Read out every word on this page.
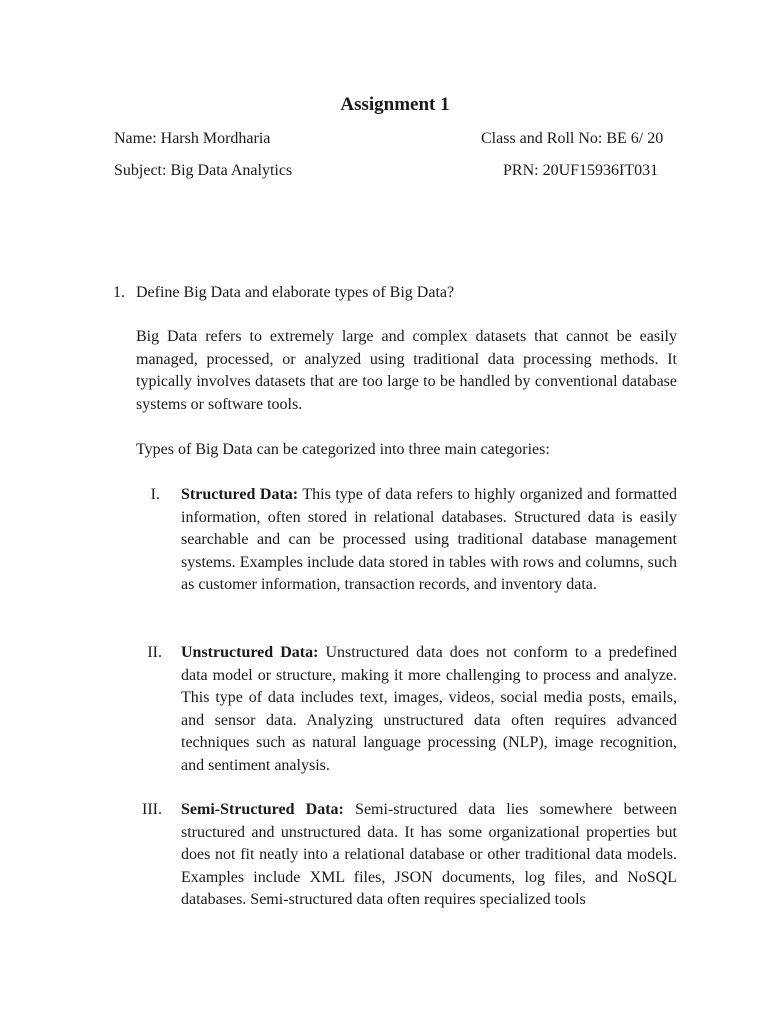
Assignment 1
Name: Harsh Mordharia	Class and Roll No: BE 6/ 20
Subject: Big Data Analytics	PRN: 20UF15936IT031
1. Define Big Data and elaborate types of Big Data?
Big Data refers to extremely large and complex datasets that cannot be easily managed, processed, or analyzed using traditional data processing methods. It typically involves datasets that are too large to be handled by conventional database systems or software tools.
Types of Big Data can be categorized into three main categories:
I. Structured Data: This type of data refers to highly organized and formatted information, often stored in relational databases. Structured data is easily searchable and can be processed using traditional database management systems. Examples include data stored in tables with rows and columns, such as customer information, transaction records, and inventory data.
II. Unstructured Data: Unstructured data does not conform to a predefined data model or structure, making it more challenging to process and analyze. This type of data includes text, images, videos, social media posts, emails, and sensor data. Analyzing unstructured data often requires advanced techniques such as natural language processing (NLP), image recognition, and sentiment analysis.
III. Semi-Structured Data: Semi-structured data lies somewhere between structured and unstructured data. It has some organizational properties but does not fit neatly into a relational database or other traditional data models. Examples include XML files, JSON documents, log files, and NoSQL databases. Semi-structured data often requires specialized tools
